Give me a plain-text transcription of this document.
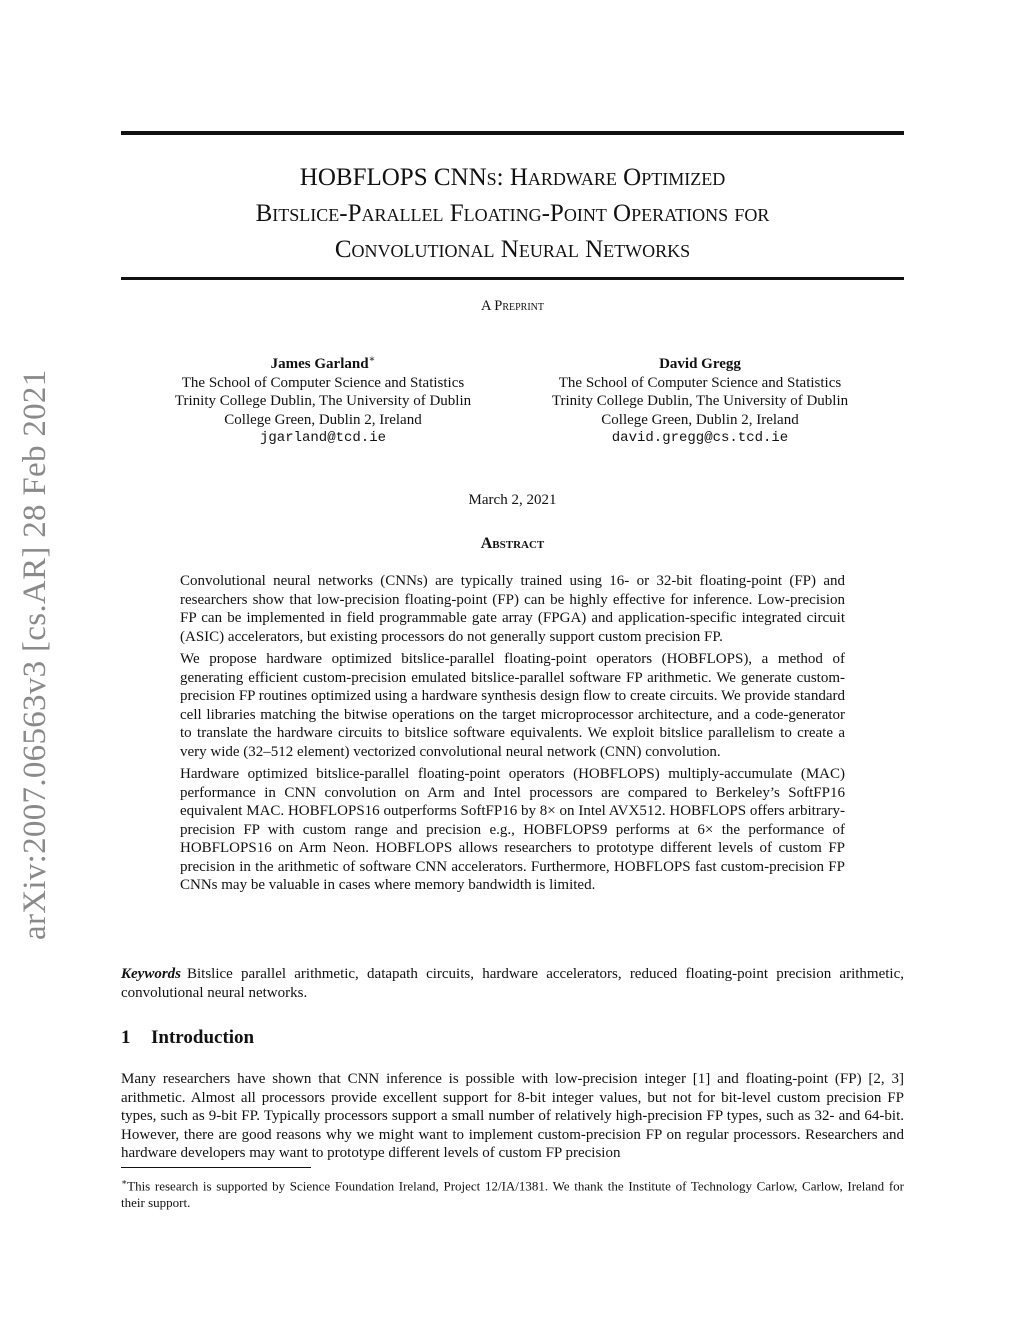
arXiv:2007.06563v3 [cs.AR] 28 Feb 2021
HOBFLOPS CNNs: Hardware Optimized
Bitslice-Parallel Floating-Point Operations for
Convolutional Neural Networks
A Preprint
James Garland∗
The School of Computer Science and Statistics
Trinity College Dublin, The University of Dublin
College Green, Dublin 2, Ireland
jgarland@tcd.ie
David Gregg
The School of Computer Science and Statistics
Trinity College Dublin, The University of Dublin
College Green, Dublin 2, Ireland
david.gregg@cs.tcd.ie
March 2, 2021
Abstract

Convolutional neural networks (CNNs) are typically trained using 16- or 32-bit floating-point (FP) and researchers show that low-precision floating-point (FP) can be highly effective for inference. Low-precision FP can be implemented in field programmable gate array (FPGA) and application-specific integrated circuit (ASIC) accelerators, but existing processors do not generally support custom precision FP.

We propose hardware optimized bitslice-parallel floating-point operators (HOBFLOPS), a method of generating efficient custom-precision emulated bitslice-parallel software FP arithmetic. We generate custom-precision FP routines optimized using a hardware synthesis design flow to create circuits. We provide standard cell libraries matching the bitwise operations on the target microprocessor architecture, and a code-generator to translate the hardware circuits to bitslice software equivalents. We exploit bitslice parallelism to create a very wide (32–512 element) vectorized convolutional neural network (CNN) convolution.

Hardware optimized bitslice-parallel floating-point operators (HOBFLOPS) multiply-accumulate (MAC) performance in CNN convolution on Arm and Intel processors are compared to Berkeley’s SoftFP16 equivalent MAC. HOBFLOPS16 outperforms SoftFP16 by 8× on Intel AVX512. HOBFLOPS offers arbitrary-precision FP with custom range and precision e.g., HOBFLOPS9 performs at 6× the performance of HOBFLOPS16 on Arm Neon. HOBFLOPS allows researchers to prototype different levels of custom FP precision in the arithmetic of software CNN accelerators. Furthermore, HOBFLOPS fast custom-precision FP CNNs may be valuable in cases where memory bandwidth is limited.

Keywords Bitslice parallel arithmetic, datapath circuits, hardware accelerators, reduced floating-point precision arithmetic, convolutional neural networks.
1 Introduction

Many researchers have shown that CNN inference is possible with low-precision integer [1] and floating-point (FP) [2, 3] arithmetic. Almost all processors provide excellent support for 8-bit integer values, but not for bit-level custom precision FP types, such as 9-bit FP. Typically processors support a small number of relatively high-precision FP types, such as 32- and 64-bit. However, there are good reasons why we might want to implement custom-precision FP on regular processors. Researchers and hardware developers may want to prototype different levels of custom FP precision

∗This research is supported by Science Foundation Ireland, Project 12/IA/1381. We thank the Institute of Technology Carlow, Carlow, Ireland for their support.
